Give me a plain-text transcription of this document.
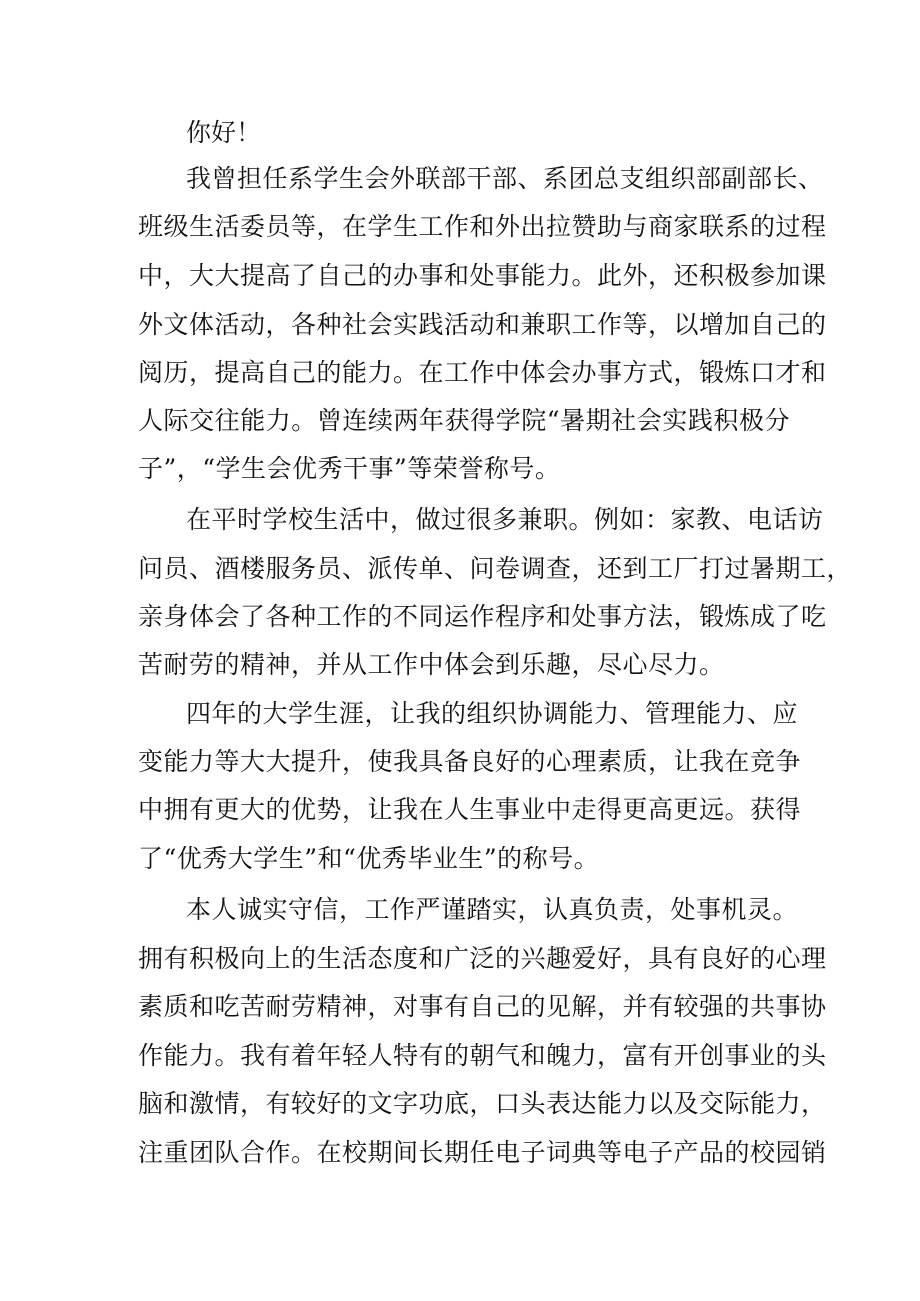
你好！
我曾担任系学生会外联部干部、系团总支组织部副部长、
班级生活委员等，在学生工作和外出拉赞助与商家联系的过程
中，大大提高了自己的办事和处事能力。此外，还积极参加课
外文体活动，各种社会实践活动和兼职工作等，以增加自己的
阅历，提高自己的能力。在工作中体会办事方式，锻炼口才和
人际交往能力。曾连续两年获得学院“暑期社会实践积极分
子”，“学生会优秀干事”等荣誉称号。
在平时学校生活中，做过很多兼职。例如：家教、电话访
问员、酒楼服务员、派传单、问卷调查，还到工厂打过暑期工，
亲身体会了各种工作的不同运作程序和处事方法，锻炼成了吃
苦耐劳的精神，并从工作中体会到乐趣，尽心尽力。
四年的大学生涯，让我的组织协调能力、管理能力、应
变能力等大大提升，使我具备良好的心理素质，让我在竞争
中拥有更大的优势，让我在人生事业中走得更高更远。获得
了“优秀大学生”和“优秀毕业生”的称号。
本人诚实守信，工作严谨踏实，认真负责，处事机灵。
拥有积极向上的生活态度和广泛的兴趣爱好，具有良好的心理
素质和吃苦耐劳精神，对事有自己的见解，并有较强的共事协
作能力。我有着年轻人特有的朝气和魄力，富有开创事业的头
脑和激情，有较好的文字功底，口头表达能力以及交际能力，
注重团队合作。在校期间长期任电子词典等电子产品的校园销
